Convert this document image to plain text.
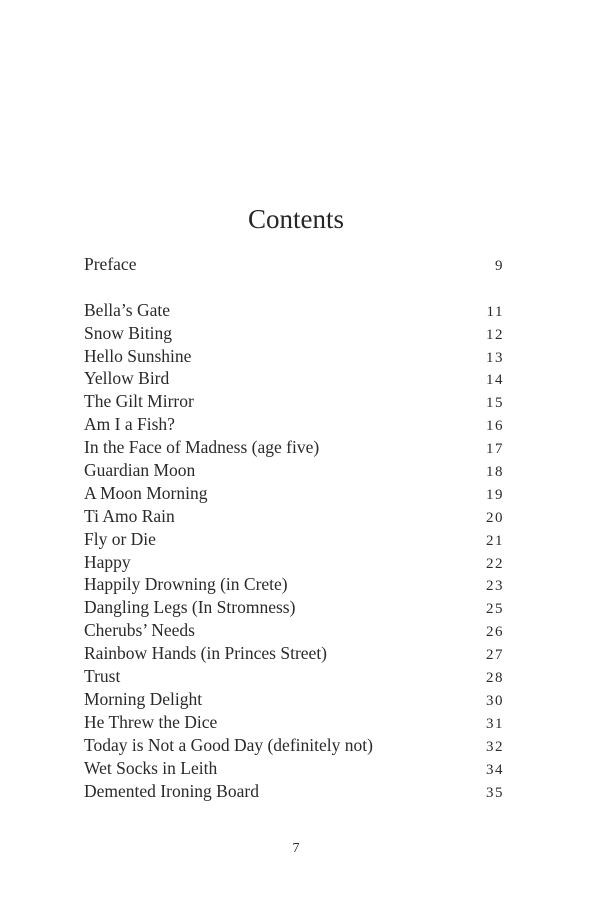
Contents
Preface	9
Bella’s Gate	11
Snow Biting	12
Hello Sunshine	13
Yellow Bird	14
The Gilt Mirror	15
Am I a Fish?	16
In the Face of Madness (age five)	17
Guardian Moon	18
A Moon Morning	19
Ti Amo Rain	20
Fly or Die	21
Happy	22
Happily Drowning (in Crete)	23
Dangling Legs (In Stromness)	25
Cherubs’ Needs	26
Rainbow Hands (in Princes Street)	27
Trust	28
Morning Delight	30
He Threw the Dice	31
Today is Not a Good Day (definitely not)	32
Wet Socks in Leith	34
Demented Ironing Board	35
7
